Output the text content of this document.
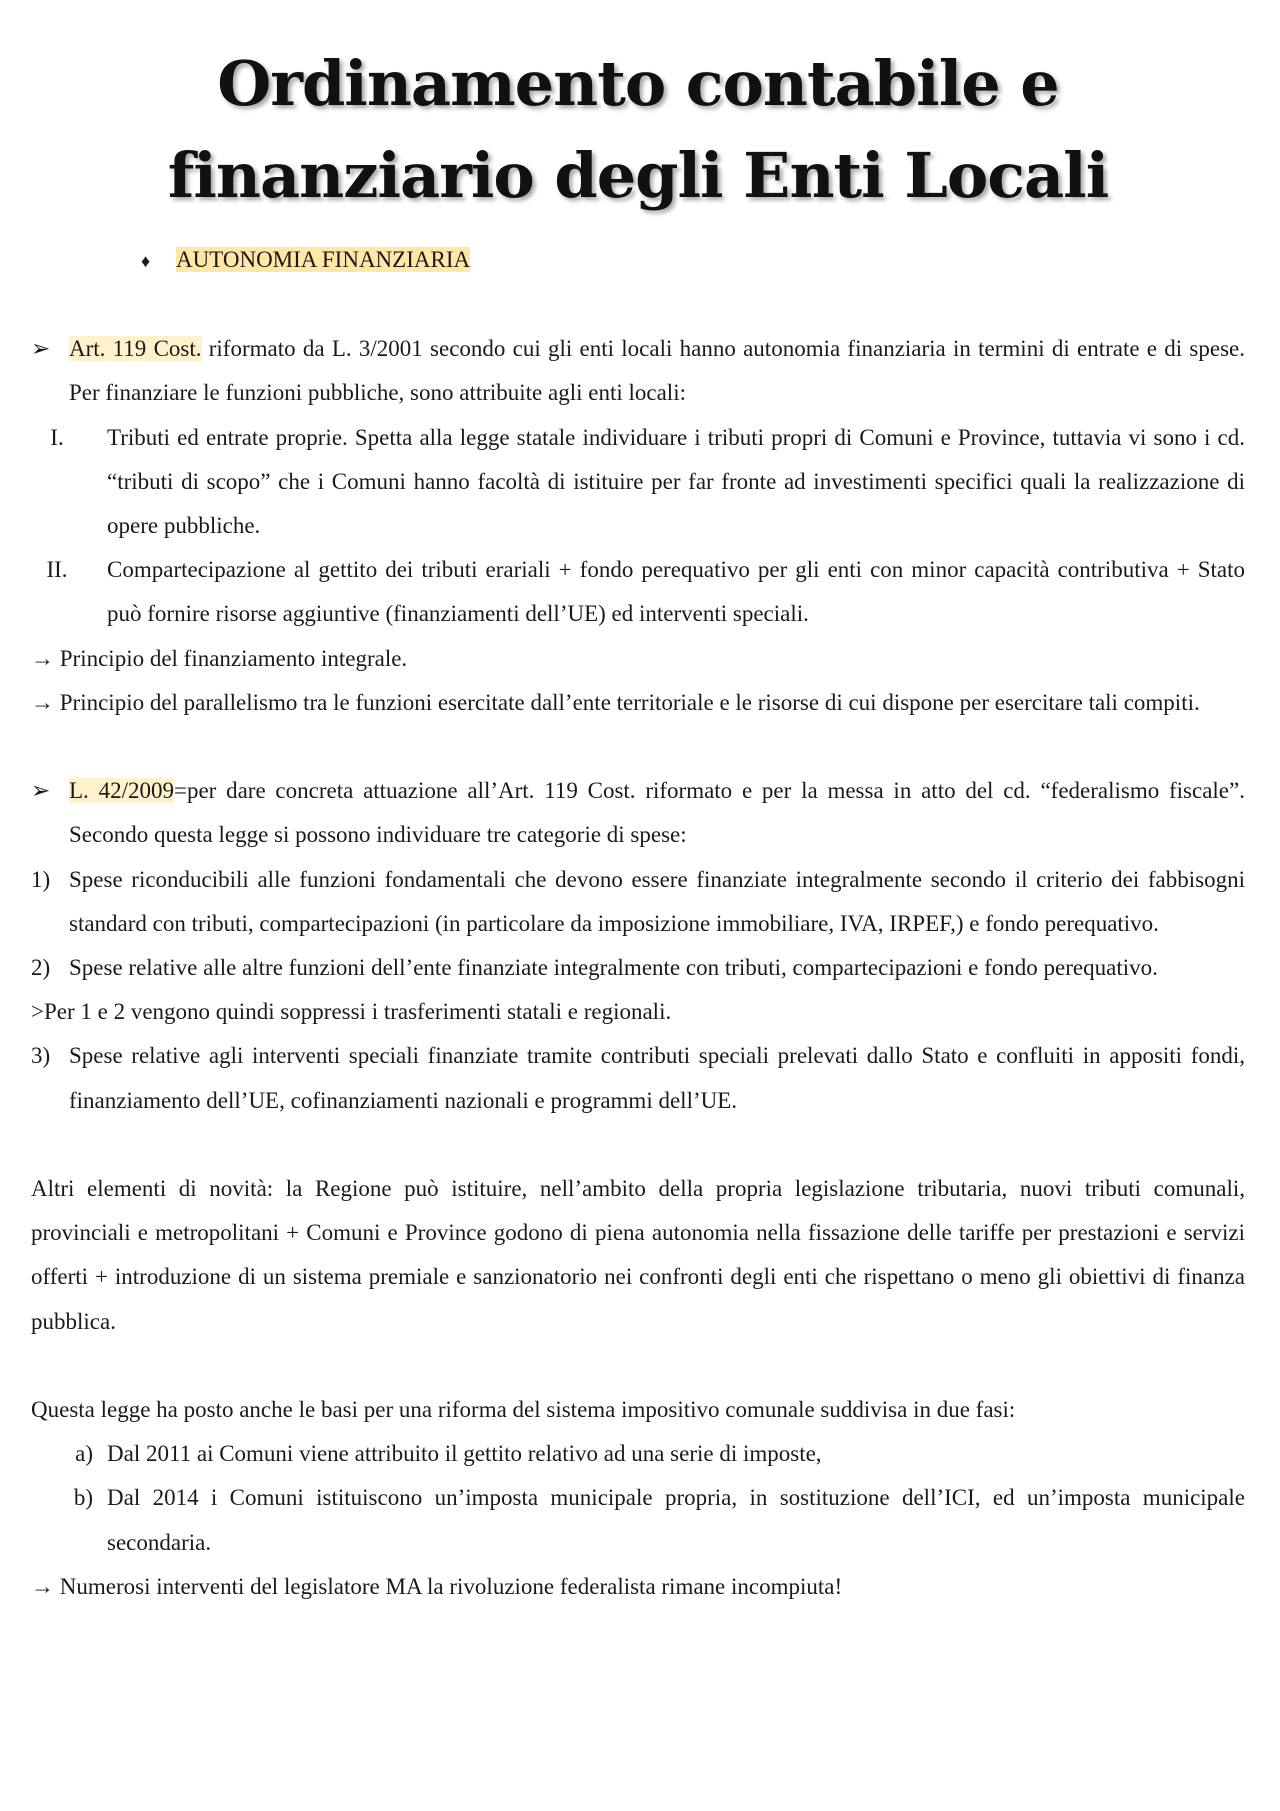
Ordinamento contabile e
finanziario degli Enti Locali
♦ AUTONOMIA FINANZIARIA
➢ Art. 119 Cost. riformato da L. 3/2001 secondo cui gli enti locali hanno autonomia finanziaria in termini di entrate e di spese. Per finanziare le funzioni pubbliche, sono attribuite agli enti locali:
I.	Tributi ed entrate proprie. Spetta alla legge statale individuare i tributi propri di Comuni e Province, tuttavia vi sono i cd. “tributi di scopo” che i Comuni hanno facoltà di istituire per far fronte ad investimenti specifici quali la realizzazione di opere pubbliche.
II.	Compartecipazione al gettito dei tributi erariali + fondo perequativo per gli enti con minor capacità contributiva + Stato può fornire risorse aggiuntive (finanziamenti dell’UE) ed interventi speciali.

→ Principio del finanziamento integrale.

→ Principio del parallelismo tra le funzioni esercitate dall’ente territoriale e le risorse di cui dispone per esercitare tali compiti.

➢ L. 42/2009=per dare concreta attuazione all’Art. 119 Cost. riformato e per la messa in atto del cd. “federalismo fiscale”. Secondo questa legge si possono individuare tre categorie di spese:
1) Spese riconducibili alle funzioni fondamentali che devono essere finanziate integralmente secondo il criterio dei fabbisogni standard con tributi, compartecipazioni (in particolare da imposizione immobiliare, IVA, IRPEF,) e fondo perequativo.
2) Spese relative alle altre funzioni dell’ente finanziate integralmente con tributi, compartecipazioni e fondo perequativo.

>Per 1 e 2 vengono quindi soppressi i trasferimenti statali e regionali.

3) Spese relative agli interventi speciali finanziate tramite contributi speciali prelevati dallo Stato e confluiti in appositi fondi, finanziamento dell’UE, cofinanziamenti nazionali e programmi dell’UE.

Altri elementi di novità: la Regione può istituire, nell’ambito della propria legislazione tributaria, nuovi tributi comunali, provinciali e metropolitani + Comuni e Province godono di piena autonomia nella fissazione delle tariffe per prestazioni e servizi offerti + introduzione di un sistema premiale e sanzionatorio nei confronti degli enti che rispettano o meno gli obiettivi di finanza pubblica.

Questa legge ha posto anche le basi per una riforma del sistema impositivo comunale suddivisa in due fasi:

a) Dal 2011 ai Comuni viene attribuito il gettito relativo ad una serie di imposte,
b) Dal 2014 i Comuni istituiscono un’imposta municipale propria, in sostituzione dell’ICI, ed un’imposta municipale secondaria.

→ Numerosi interventi del legislatore MA la rivoluzione federalista rimane incompiuta!
